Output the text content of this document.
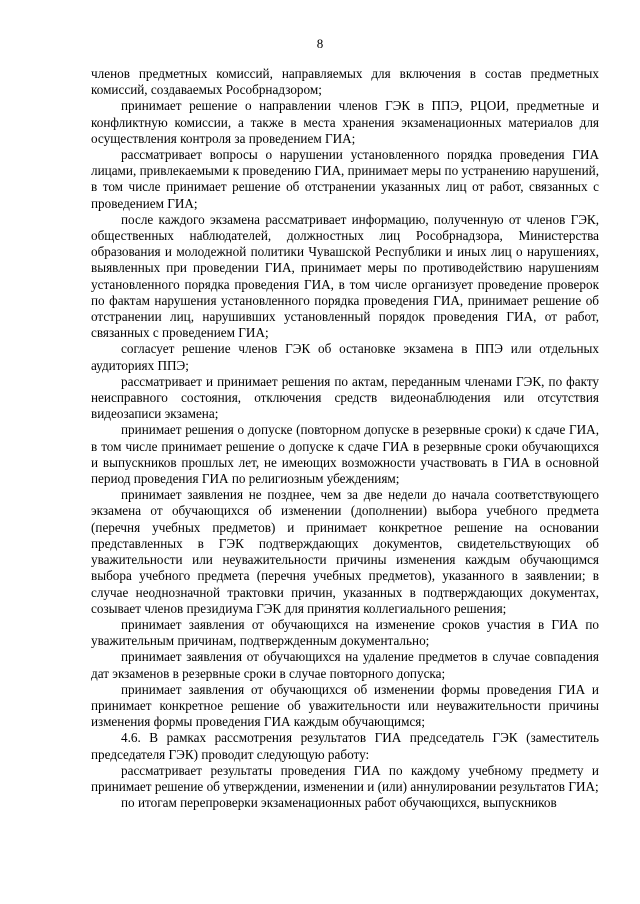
8

членов предметных комиссий, направляемых для включения в состав предметных комиссий, создаваемых Рособрнадзором;

принимает решение о направлении членов ГЭК в ППЭ, РЦОИ, предметные и конфликтную комиссии, а также в места хранения экзаменационных материалов для осуществления контроля за проведением ГИА;

рассматривает вопросы о нарушении установленного порядка проведения ГИА лицами, привлекаемыми к проведению ГИА, принимает меры по устранению нарушений, в том числе принимает решение об отстранении указанных лиц от работ, связанных с проведением ГИА;

после каждого экзамена рассматривает информацию, полученную от членов ГЭК, общественных наблюдателей, должностных лиц Рособрнадзора, Министерства образования и молодежной политики Чувашской Республики и иных лиц о нарушениях, выявленных при проведении ГИА, принимает меры по противодействию нарушениям установленного порядка проведения ГИА, в том числе организует проведение проверок по фактам нарушения установленного порядка проведения ГИА, принимает решение об отстранении лиц, нарушивших установленный порядок проведения ГИА, от работ, связанных с проведением ГИА;

согласует решение членов ГЭК об остановке экзамена в ППЭ или отдельных аудиториях ППЭ;

рассматривает и принимает решения по актам, переданным членами ГЭК, по факту неисправного состояния, отключения средств видеонаблюдения или отсутствия видеозаписи экзамена;

принимает решения о допуске (повторном допуске в резервные сроки) к сдаче ГИА, в том числе принимает решение о допуске к сдаче ГИА в резервные сроки обучающихся и выпускников прошлых лет, не имеющих возможности участвовать в ГИА в основной период проведения ГИА по религиозным убеждениям;

принимает заявления не позднее, чем за две недели до начала соответствующего экзамена от обучающихся об изменении (дополнении) выбора учебного предмета (перечня учебных предметов) и принимает конкретное решение на основании представленных в ГЭК подтверждающих документов, свидетельствующих об уважительности или неуважительности причины изменения каждым обучающимся выбора учебного предмета (перечня учебных предметов), указанного в заявлении; в случае неоднозначной трактовки причин, указанных в подтверждающих документах, созывает членов президиума ГЭК для принятия коллегиального решения;

принимает заявления от обучающихся на изменение сроков участия в ГИА по уважительным причинам, подтвержденным документально;

принимает заявления от обучающихся на удаление предметов в случае совпадения дат экзаменов в резервные сроки в случае повторного допуска;

принимает заявления от обучающихся об изменении формы проведения ГИА и принимает конкретное решение об уважительности или неуважительности причины изменения формы проведения ГИА каждым обучающимся;

4.6. В рамках рассмотрения результатов ГИА председатель ГЭК (заместитель председателя ГЭК) проводит следующую работу:

рассматривает результаты проведения ГИА по каждому учебному предмету и принимает решение об утверждении, изменении и (или) аннулировании результатов ГИА;

по итогам перепроверки экзаменационных работ обучающихся, выпускников
